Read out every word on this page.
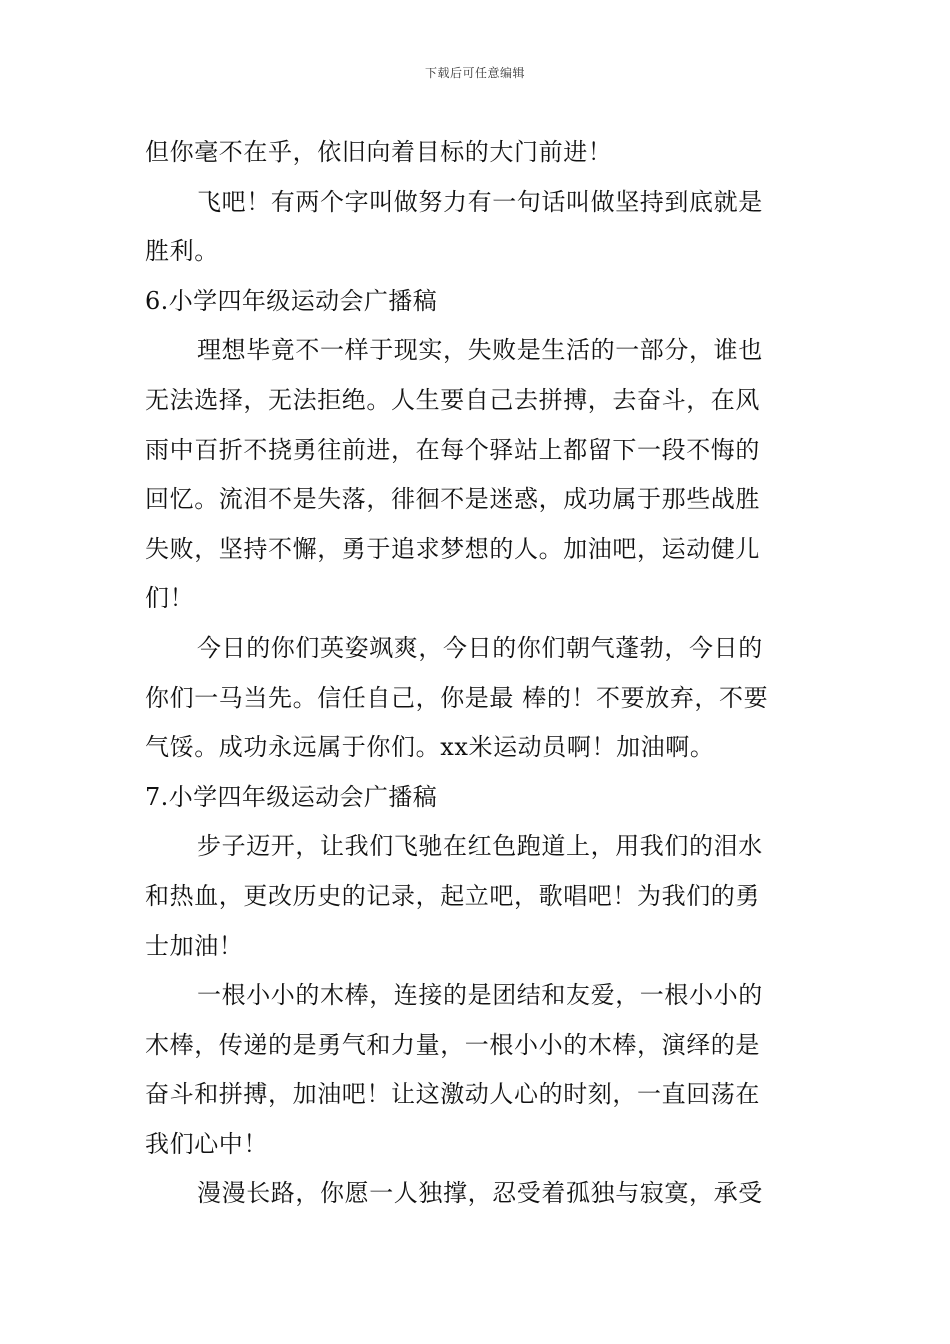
下载后可任意编辑
但你毫不在乎，依旧向着目标的大门前进！
飞吧！有两个字叫做努力有一句话叫做坚持到底就是
胜利。
6.小学四年级运动会广播稿
理想毕竟不一样于现实，失败是生活的一部分，谁也
无法选择，无法拒绝。人生要自己去拼搏，去奋斗，在风
雨中百折不挠勇往前进，在每个驿站上都留下一段不悔的
回忆。流泪不是失落，徘徊不是迷惑，成功属于那些战胜
失败，坚持不懈，勇于追求梦想的人。加油吧，运动健儿
们！
今日的你们英姿飒爽，今日的你们朝气蓬勃，今日的
你们一马当先。信任自己，你是最 棒的！不要放弃，不要
气馁。成功永远属于你们。xx米运动员啊！加油啊。
7.小学四年级运动会广播稿
步子迈开，让我们飞驰在红色跑道上，用我们的泪水
和热血，更改历史的记录，起立吧，歌唱吧！为我们的勇
士加油！
一根小小的木棒，连接的是团结和友爱，一根小小的
木棒，传递的是勇气和力量，一根小小的木棒，演绎的是
奋斗和拼搏，加油吧！让这激动人心的时刻，一直回荡在
我们心中！
漫漫长路，你愿一人独撑，忍受着孤独与寂寞，承受
